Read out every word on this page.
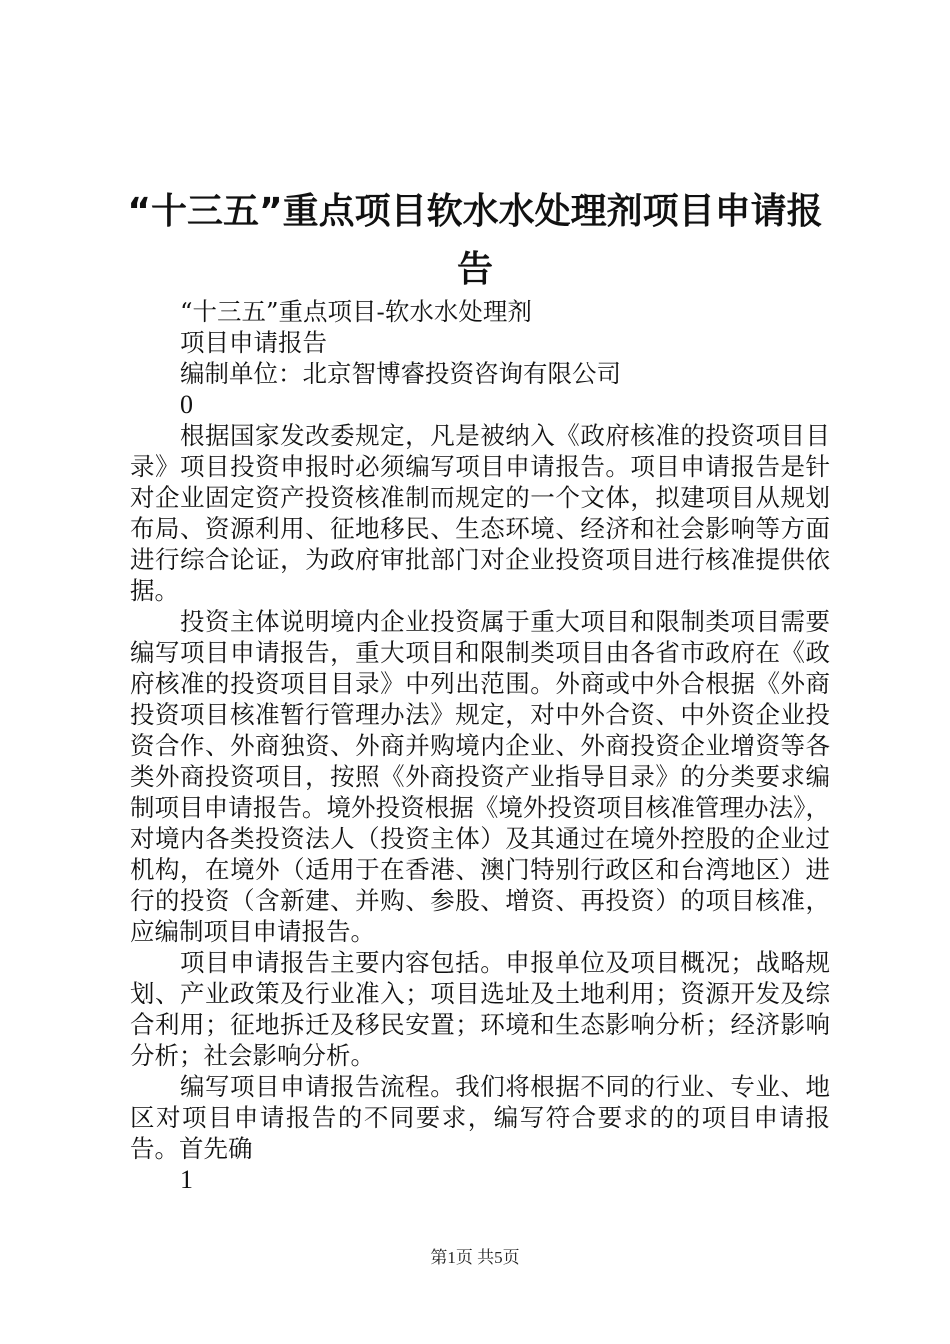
“十三五”重点项目软水水处理剂项目申请报
告

“十三五”重点项目-软水水处理剂

项目申请报告

编制单位：北京智博睿投资咨询有限公司

0

根据国家发改委规定，凡是被纳入《政府核准的投资项目目录》项目投资申报时必须编写项目申请报告。项目申请报告是针对企业固定资产投资核准制而规定的一个文体，拟建项目从规划布局、资源利用、征地移民、生态环境、经济和社会影响等方面进行综合论证，为政府审批部门对企业投资项目进行核准提供依据。

投资主体说明境内企业投资属于重大项目和限制类项目需要编写项目申请报告，重大项目和限制类项目由各省市政府在《政府核准的投资项目目录》中列出范围。外商或中外合根据《外商投资项目核准暂行管理办法》规定，对中外合资、中外资企业投资合作、外商独资、外商并购境内企业、外商投资企业增资等各类外商投资项目，按照《外商投资产业指导目录》的分类要求编制项目申请报告。境外投资根据《境外投资项目核准管理办法》，对境内各类投资法人（投资主体）及其通过在境外控股的企业过机构，在境外（适用于在香港、澳门特别行政区和台湾地区）进行的投资（含新建、并购、参股、增资、再投资）的项目核准，应编制项目申请报告。

项目申请报告主要内容包括。申报单位及项目概况；战略规划、产业政策及行业准入；项目选址及土地利用；资源开发及综合利用；征地拆迁及移民安置；环境和生态影响分析；经济影响分析；社会影响分析。

编写项目申请报告流程。我们将根据不同的行业、专业、地区对项目申请报告的不同要求，编写符合要求的的项目申请报告。首先确

1

第1页 共5页
